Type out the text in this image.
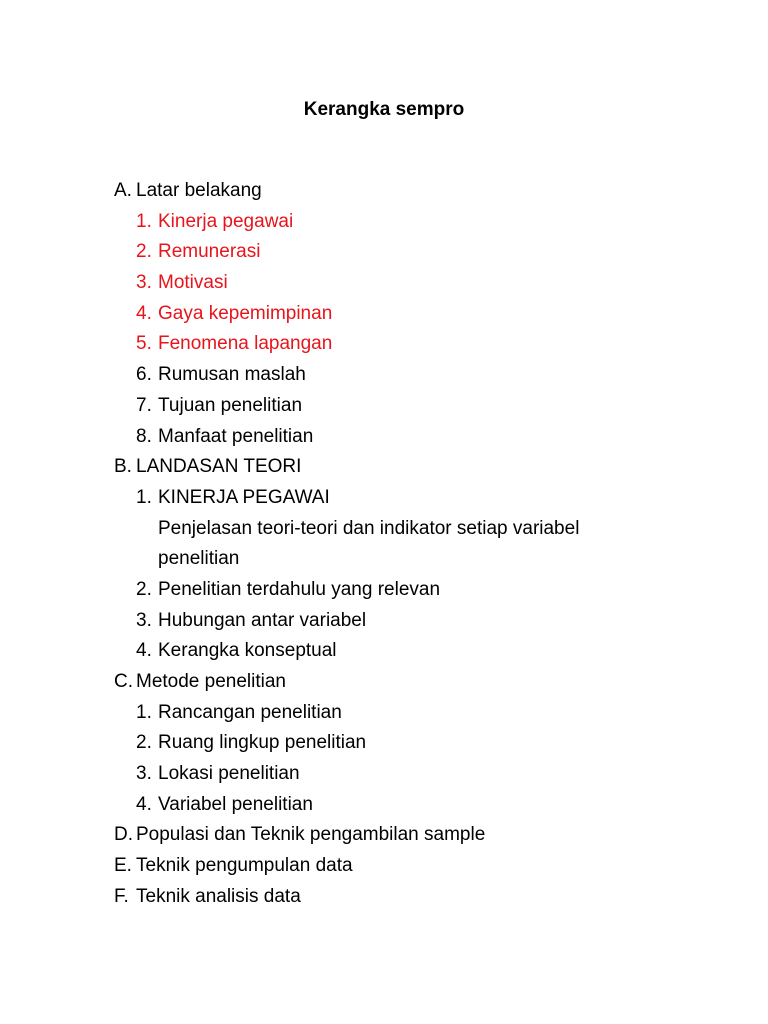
Kerangka sempro
A. Latar belakang
1. Kinerja pegawai
2. Remunerasi
3. Motivasi
4. Gaya kepemimpinan
5. Fenomena lapangan
6. Rumusan maslah
7. Tujuan penelitian
8. Manfaat penelitian
B. LANDASAN TEORI
1. KINERJA PEGAWAI
Penjelasan teori-teori dan indikator setiap variabel
penelitian
2. Penelitian terdahulu yang relevan
3. Hubungan antar variabel
4. Kerangka konseptual
C. Metode penelitian
1. Rancangan penelitian
2. Ruang lingkup penelitian
3. Lokasi penelitian
4. Variabel penelitian
D. Populasi dan Teknik pengambilan sample
E. Teknik pengumpulan data
F. Teknik analisis data
